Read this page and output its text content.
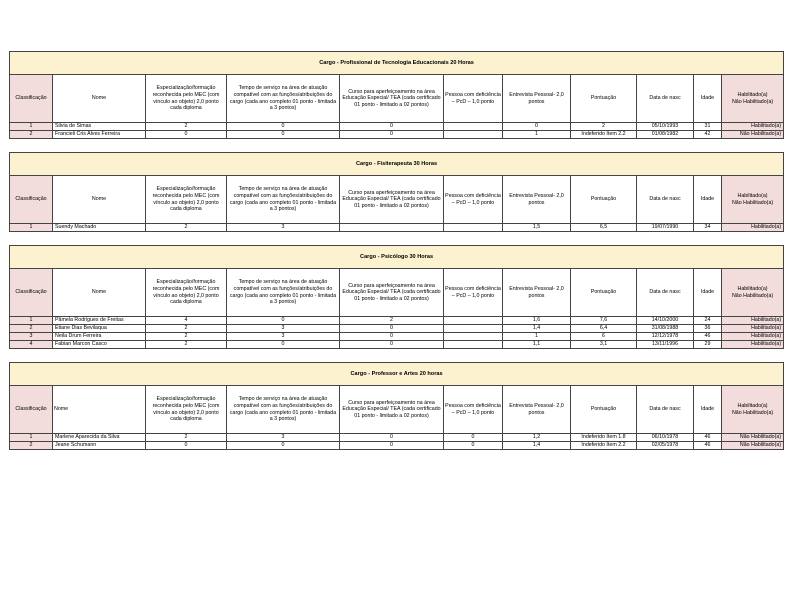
Cargo - Profissional de Tecnologia Educacionais 20 Horas										
Classificação	Nome	Especialização/formação reconhecida pelo MEC (com vínculo ao objeto) 2,0 ponto cada diploma	Tempo de serviço na área de atuação compatível com as funções/atribuições do cargo (cada ano completo 01 ponto - limitada a 3 pontos)	Curso para aperfeiçoamento na área Educação Especial/ TEA (cada certificado 01 ponto - limitado a 02 pontos)	Pessoa com deficiência – PcD – 1,0 ponto	Entrevista Pessoal- 2,0 pontos	Pontuação	Data de nasc	Idade	Habilitado(a)
Não Habilitado(a)

1	Silvia de Simas	2	0	0		0	2	05/10/1993	31	Habilitado(a)
2	Francieli Cris Alves Ferreira	0	0	0		1	Indeferido Item 2.2	01/08/1982	42	Não Habilitado(a)

Cargo - Fisiterapeuta 30 Horas										
Classificação	Nome	Especialização/formação reconhecida pelo MEC (com vínculo ao objeto) 2,0 ponto cada diploma	Tempo de serviço na área de atuação compatível com as funções/atribuições do cargo (cada ano completo 01 ponto - limitada a 3 pontos)	Curso para aperfeiçoamento na área Educação Especial/ TEA (cada certificado 01 ponto - limitado a 02 pontos)	Pessoa com deficiência – PcD – 1,0 ponto	Entrevista Pessoal- 2,0 pontos	Pontuação	Data de nasc	Idade	Habilitado(a)
Não Habilitado(a)

1	Suendy Machado	2	3			1,5	6,5	19/07/1990	34	Habilitado(a)

Cargo - Psicólogo 30 Horas										
Classificação	Nome	Especialização/formação reconhecida pelo MEC (com vínculo ao objeto) 2,0 ponto cada diploma	Tempo de serviço na área de atuação compatível com as funções/atribuições do cargo (cada ano completo 01 ponto - limitada a 3 pontos)	Curso para aperfeiçoamento na área Educação Especial/ TEA (cada certificado 01 ponto - limitado a 02 pontos)	Pessoa com deficiência – PcD – 1,0 ponto	Entrevista Pessoal- 2,0 pontos	Pontuação	Data de nasc	Idade	Habilitado(a)
Não Habilitado(a)

1	Pâmela Rodrigues de Freitas	4	0	2		1,6	7,6	14/10/2000	24	Habilitado(a)
2	Etiane Dias Bevilaqua	2	3	0		1,4	6,4	31/08/1988	36	Habilitado(a)
3	Neila Drum Ferreira	2	3	0		1	6	12/12/1978	46	Habilitado(a)
4	Fabian Marcon Casco	2	0	0		1,1	3,1	13/11/1996	29	Habilitado(a)

Cargo - Professor e Artes 20 horas										
Classificação	Nome	Especialização/formação reconhecida pelo MEC (com vínculo ao objeto) 2,0 ponto cada diploma	Tempo de serviço na área de atuação compatível com as funções/atribuições do cargo (cada ano completo 01 ponto - limitada a 3 pontos)	Curso para aperfeiçoamento na área Educação Especial/ TEA (cada certificado 01 ponto - limitado a 02 pontos)	Pessoa com deficiência – PcD – 1,0 ponto	Entrevista Pessoal- 2,0 pontos	Pontuação	Data de nasc	Idade	Habilitado(a)
Não Habilitado(a)

1	Marlene Aparecida da Silva	2	3	0	0	1,2	Indeferido Item 1.8	06/10/1978	46	Não Habilitado(a)
2	Jeane Schumann	0	0	0	0	1,4	Indeferido Item 2.2	02/05/1978	46	Não Habilitado(a)
